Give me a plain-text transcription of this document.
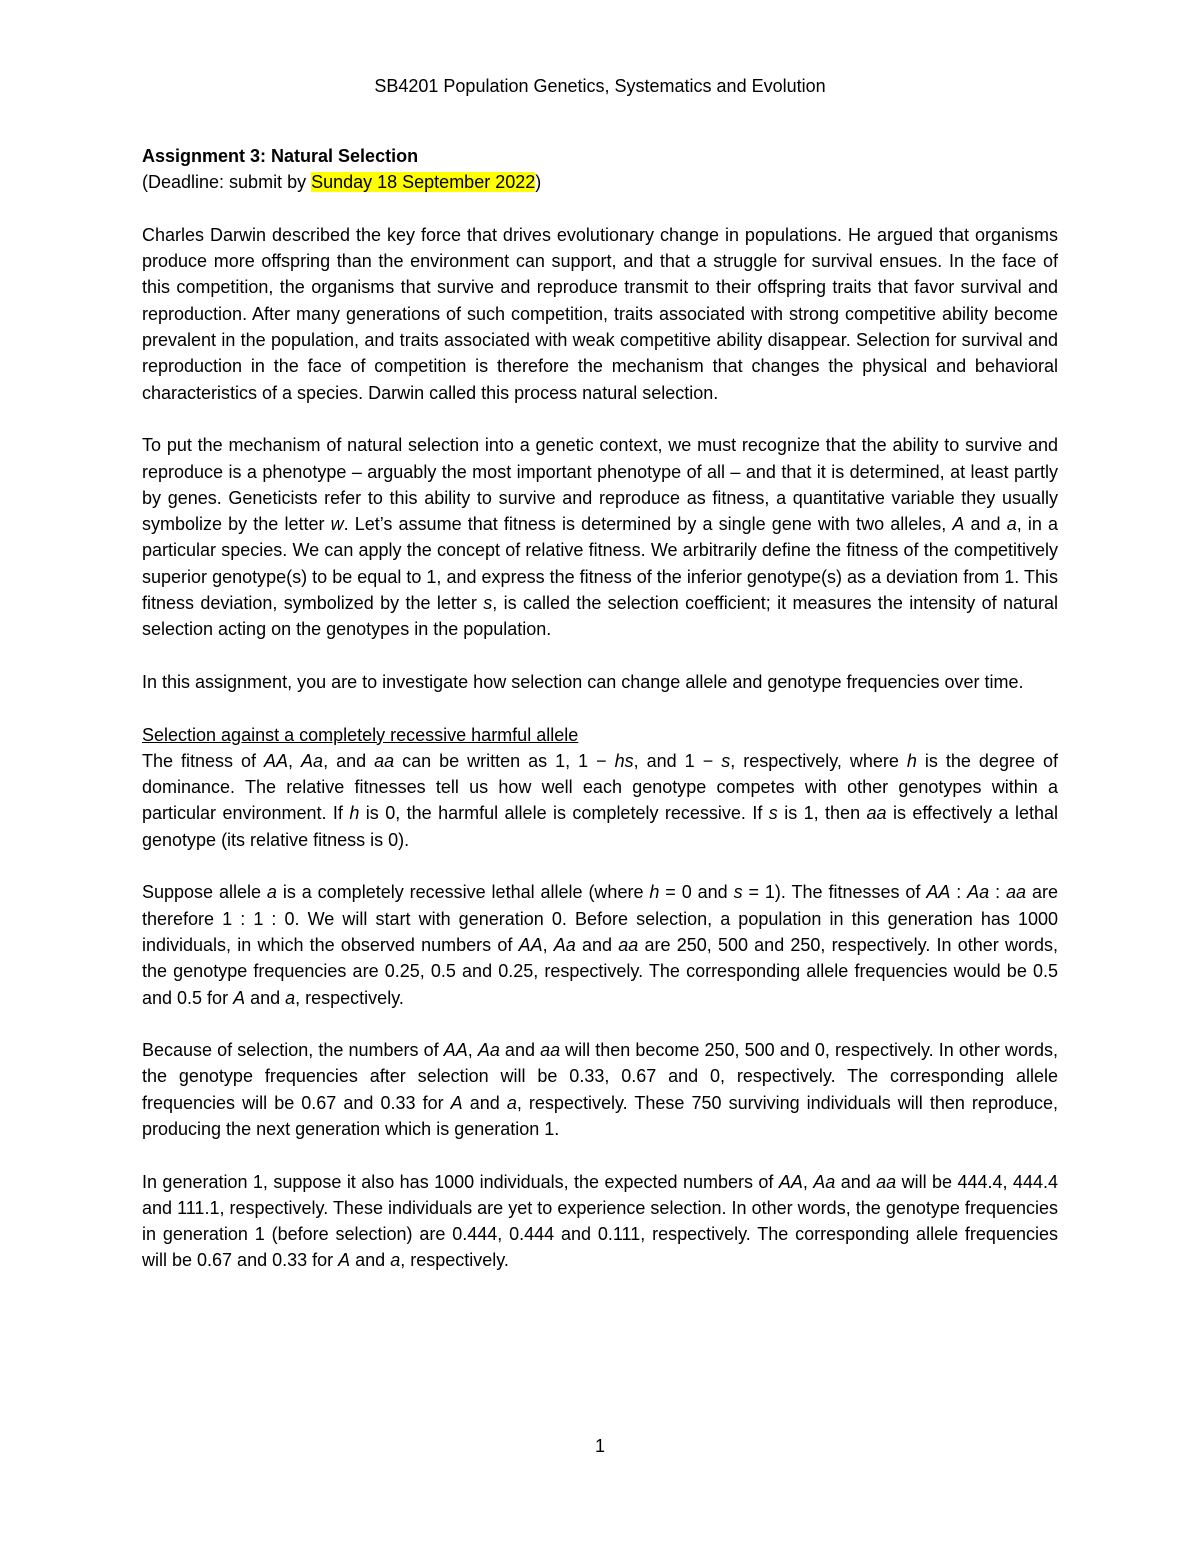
SB4201 Population Genetics, Systematics and Evolution

Assignment 3: Natural Selection

(Deadline: submit by Sunday 18 September 2022)

Charles Darwin described the key force that drives evolutionary change in populations. He argued that organisms produce more offspring than the environment can support, and that a struggle for survival ensues. In the face of this competition, the organisms that survive and reproduce transmit to their offspring traits that favor survival and reproduction. After many generations of such competition, traits associated with strong competitive ability become prevalent in the population, and traits associated with weak competitive ability disappear. Selection for survival and reproduction in the face of competition is therefore the mechanism that changes the physical and behavioral characteristics of a species. Darwin called this process natural selection.

To put the mechanism of natural selection into a genetic context, we must recognize that the ability to survive and reproduce is a phenotype – arguably the most important phenotype of all – and that it is determined, at least partly by genes. Geneticists refer to this ability to survive and reproduce as fitness, a quantitative variable they usually symbolize by the letter w. Let’s assume that fitness is determined by a single gene with two alleles, A and a, in a particular species. We can apply the concept of relative fitness. We arbitrarily define the fitness of the competitively superior genotype(s) to be equal to 1, and express the fitness of the inferior genotype(s) as a deviation from 1. This fitness deviation, symbolized by the letter s, is called the selection coefficient; it measures the intensity of natural selection acting on the genotypes in the population.

In this assignment, you are to investigate how selection can change allele and genotype frequencies over time.

Selection against a completely recessive harmful allele

The fitness of AA, Aa, and aa can be written as 1, 1 − hs, and 1 − s, respectively, where h is the degree of dominance. The relative fitnesses tell us how well each genotype competes with other genotypes within a particular environment. If h is 0, the harmful allele is completely recessive. If s is 1, then aa is effectively a lethal genotype (its relative fitness is 0).

Suppose allele a is a completely recessive lethal allele (where h = 0 and s = 1). The fitnesses of AA : Aa : aa are therefore 1 : 1 : 0. We will start with generation 0. Before selection, a population in this generation has 1000 individuals, in which the observed numbers of AA, Aa and aa are 250, 500 and 250, respectively. In other words, the genotype frequencies are 0.25, 0.5 and 0.25, respectively. The corresponding allele frequencies would be 0.5 and 0.5 for A and a, respectively.

Because of selection, the numbers of AA, Aa and aa will then become 250, 500 and 0, respectively. In other words, the genotype frequencies after selection will be 0.33, 0.67 and 0, respectively. The corresponding allele frequencies will be 0.67 and 0.33 for A and a, respectively. These 750 surviving individuals will then reproduce, producing the next generation which is generation 1.

In generation 1, suppose it also has 1000 individuals, the expected numbers of AA, Aa and aa will be 444.4, 444.4 and 111.1, respectively. These individuals are yet to experience selection. In other words, the genotype frequencies in generation 1 (before selection) are 0.444, 0.444 and 0.111, respectively. The corresponding allele frequencies will be 0.67 and 0.33 for A and a, respectively.

1
